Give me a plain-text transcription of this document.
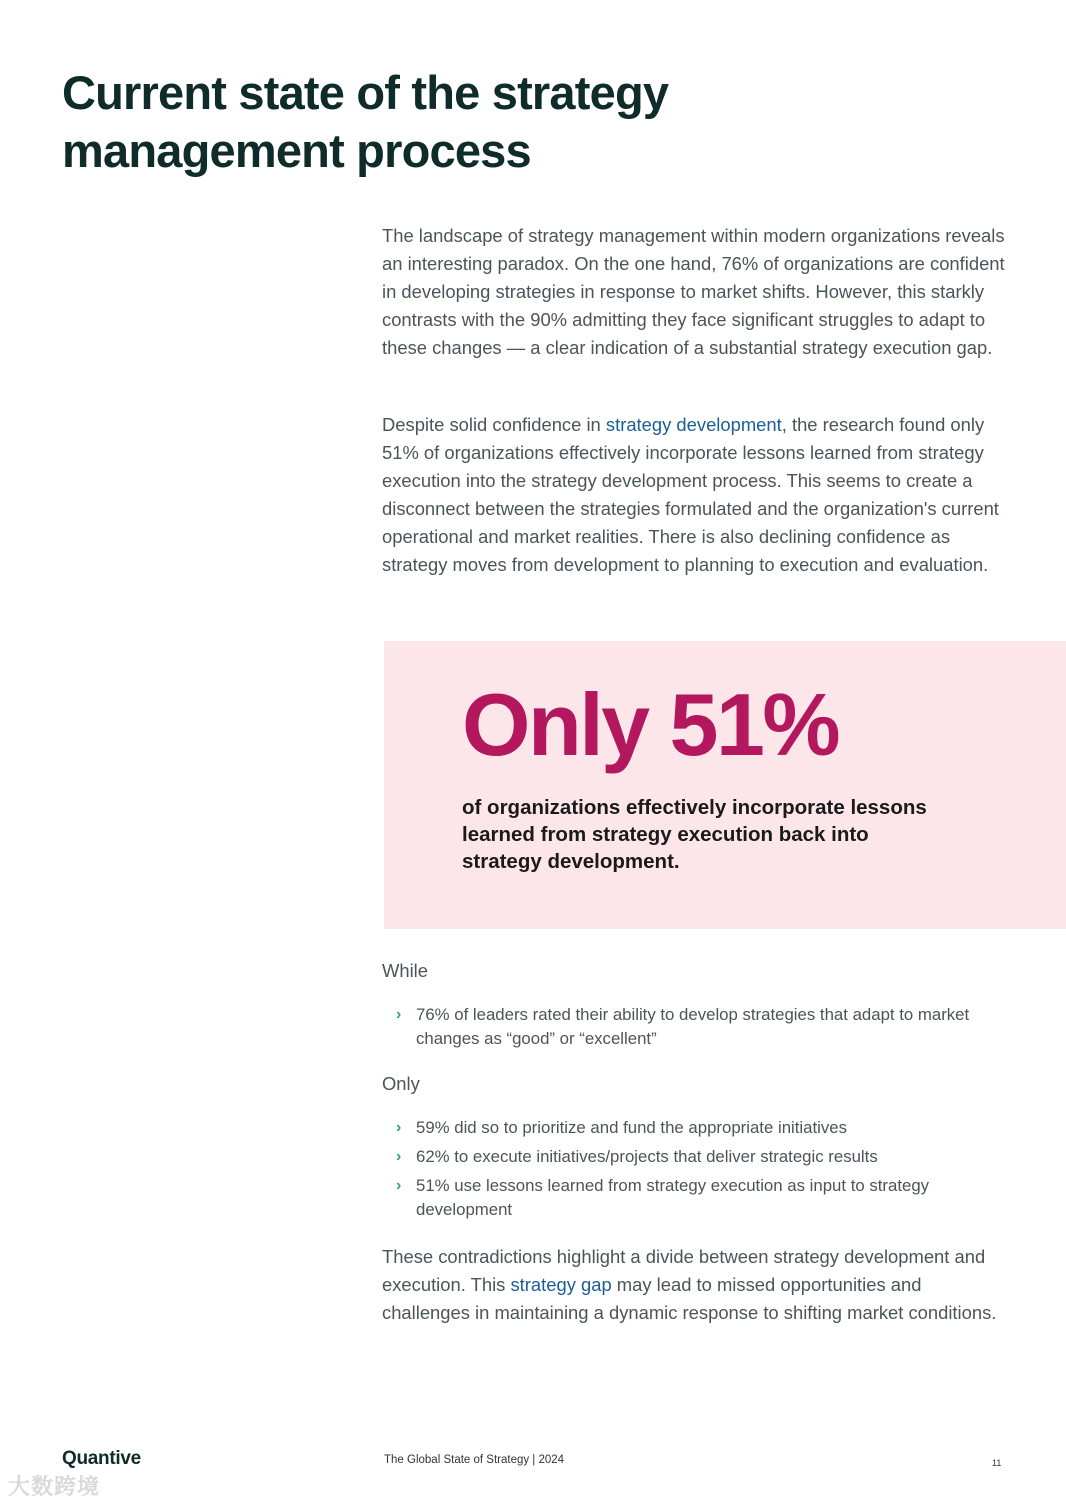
Current state of the strategy
management process

The landscape of strategy management within modern organizations reveals an interesting paradox. On the one hand, 76% of organizations are confident in developing strategies in response to market shifts. However, this starkly contrasts with the 90% admitting they face significant struggles to adapt to these changes — a clear indication of a substantial strategy execution gap.

Despite solid confidence in strategy development, the research found only 51% of organizations effectively incorporate lessons learned from strategy execution into the strategy development process. This seems to create a disconnect between the strategies formulated and the organization's current operational and market realities. There is also declining confidence as strategy moves from development to planning to execution and evaluation.

Only 51%
of organizations effectively incorporate lessons learned from strategy execution back into strategy development.
While
› 76% of leaders rated their ability to develop strategies that adapt to market changes as “good” or “excellent”
Only
› 59% did so to prioritize and fund the appropriate initiatives
› 62% to execute initiatives/projects that deliver strategic results
› 51% use lessons learned from strategy execution as input to strategy development

These contradictions highlight a divide between strategy development and execution. This strategy gap may lead to missed opportunities and challenges in maintaining a dynamic response to shifting market conditions.

Quantive	The Global State of Strategy | 2024	11
大数跨境
